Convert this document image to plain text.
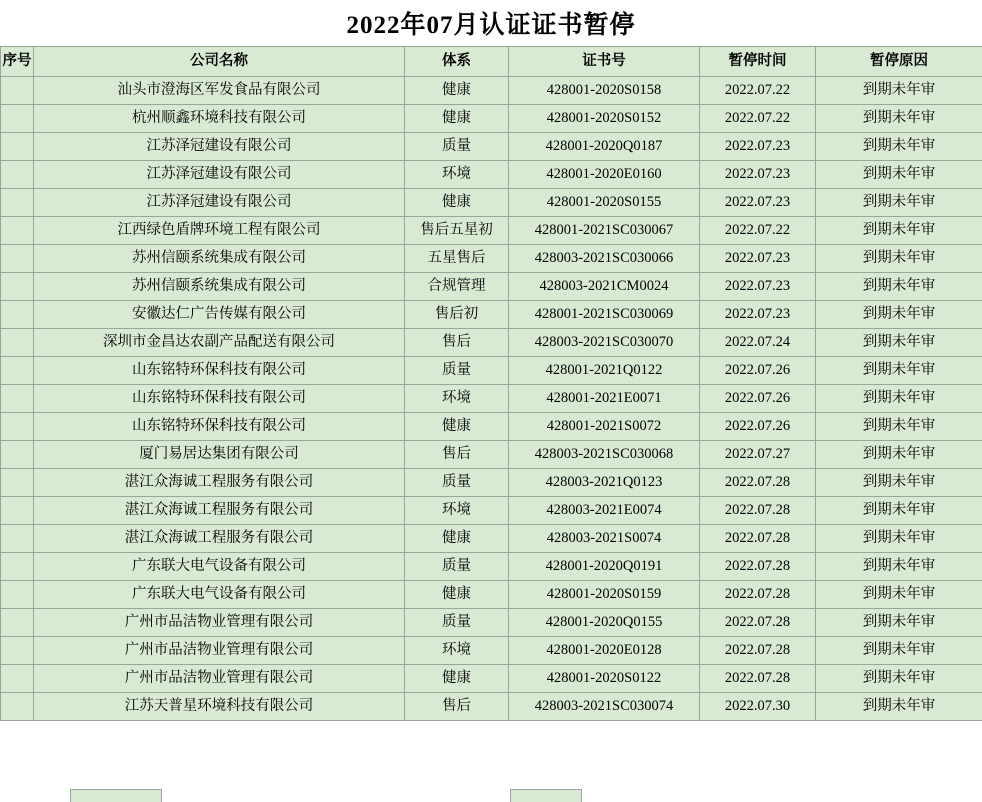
2022年07月认证证书暂停
序号	公司名称	体系	证书号	暂停时间	暂停原因
	汕头市澄海区军发食品有限公司	健康	428001-2020S0158	2022.07.22	到期未年审
	杭州顺鑫环境科技有限公司	健康	428001-2020S0152	2022.07.22	到期未年审
	江苏泽冠建设有限公司	质量	428001-2020Q0187	2022.07.23	到期未年审
	江苏泽冠建设有限公司	环境	428001-2020E0160	2022.07.23	到期未年审
	江苏泽冠建设有限公司	健康	428001-2020S0155	2022.07.23	到期未年审
	江西绿色盾牌环境工程有限公司	售后五星初	428001-2021SC030067	2022.07.22	到期未年审
	苏州信颐系统集成有限公司	五星售后	428003-2021SC030066	2022.07.23	到期未年审
	苏州信颐系统集成有限公司	合规管理	428003-2021CM0024	2022.07.23	到期未年审
	安徽达仁广告传媒有限公司	售后初	428001-2021SC030069	2022.07.23	到期未年审
	深圳市金昌达农副产品配送有限公司	售后	428003-2021SC030070	2022.07.24	到期未年审
	山东铭特环保科技有限公司	质量	428001-2021Q0122	2022.07.26	到期未年审
	山东铭特环保科技有限公司	环境	428001-2021E0071	2022.07.26	到期未年审
	山东铭特环保科技有限公司	健康	428001-2021S0072	2022.07.26	到期未年审
	厦门易居达集团有限公司	售后	428003-2021SC030068	2022.07.27	到期未年审
	湛江众海诚工程服务有限公司	质量	428003-2021Q0123	2022.07.28	到期未年审
	湛江众海诚工程服务有限公司	环境	428003-2021E0074	2022.07.28	到期未年审
	湛江众海诚工程服务有限公司	健康	428003-2021S0074	2022.07.28	到期未年审
	广东联大电气设备有限公司	质量	428001-2020Q0191	2022.07.28	到期未年审
	广东联大电气设备有限公司	健康	428001-2020S0159	2022.07.28	到期未年审
	广州市品洁物业管理有限公司	质量	428001-2020Q0155	2022.07.28	到期未年审
	广州市品洁物业管理有限公司	环境	428001-2020E0128	2022.07.28	到期未年审
	广州市品洁物业管理有限公司	健康	428001-2020S0122	2022.07.28	到期未年审
	江苏天普星环境科技有限公司	售后	428003-2021SC030074	2022.07.30	到期未年审
